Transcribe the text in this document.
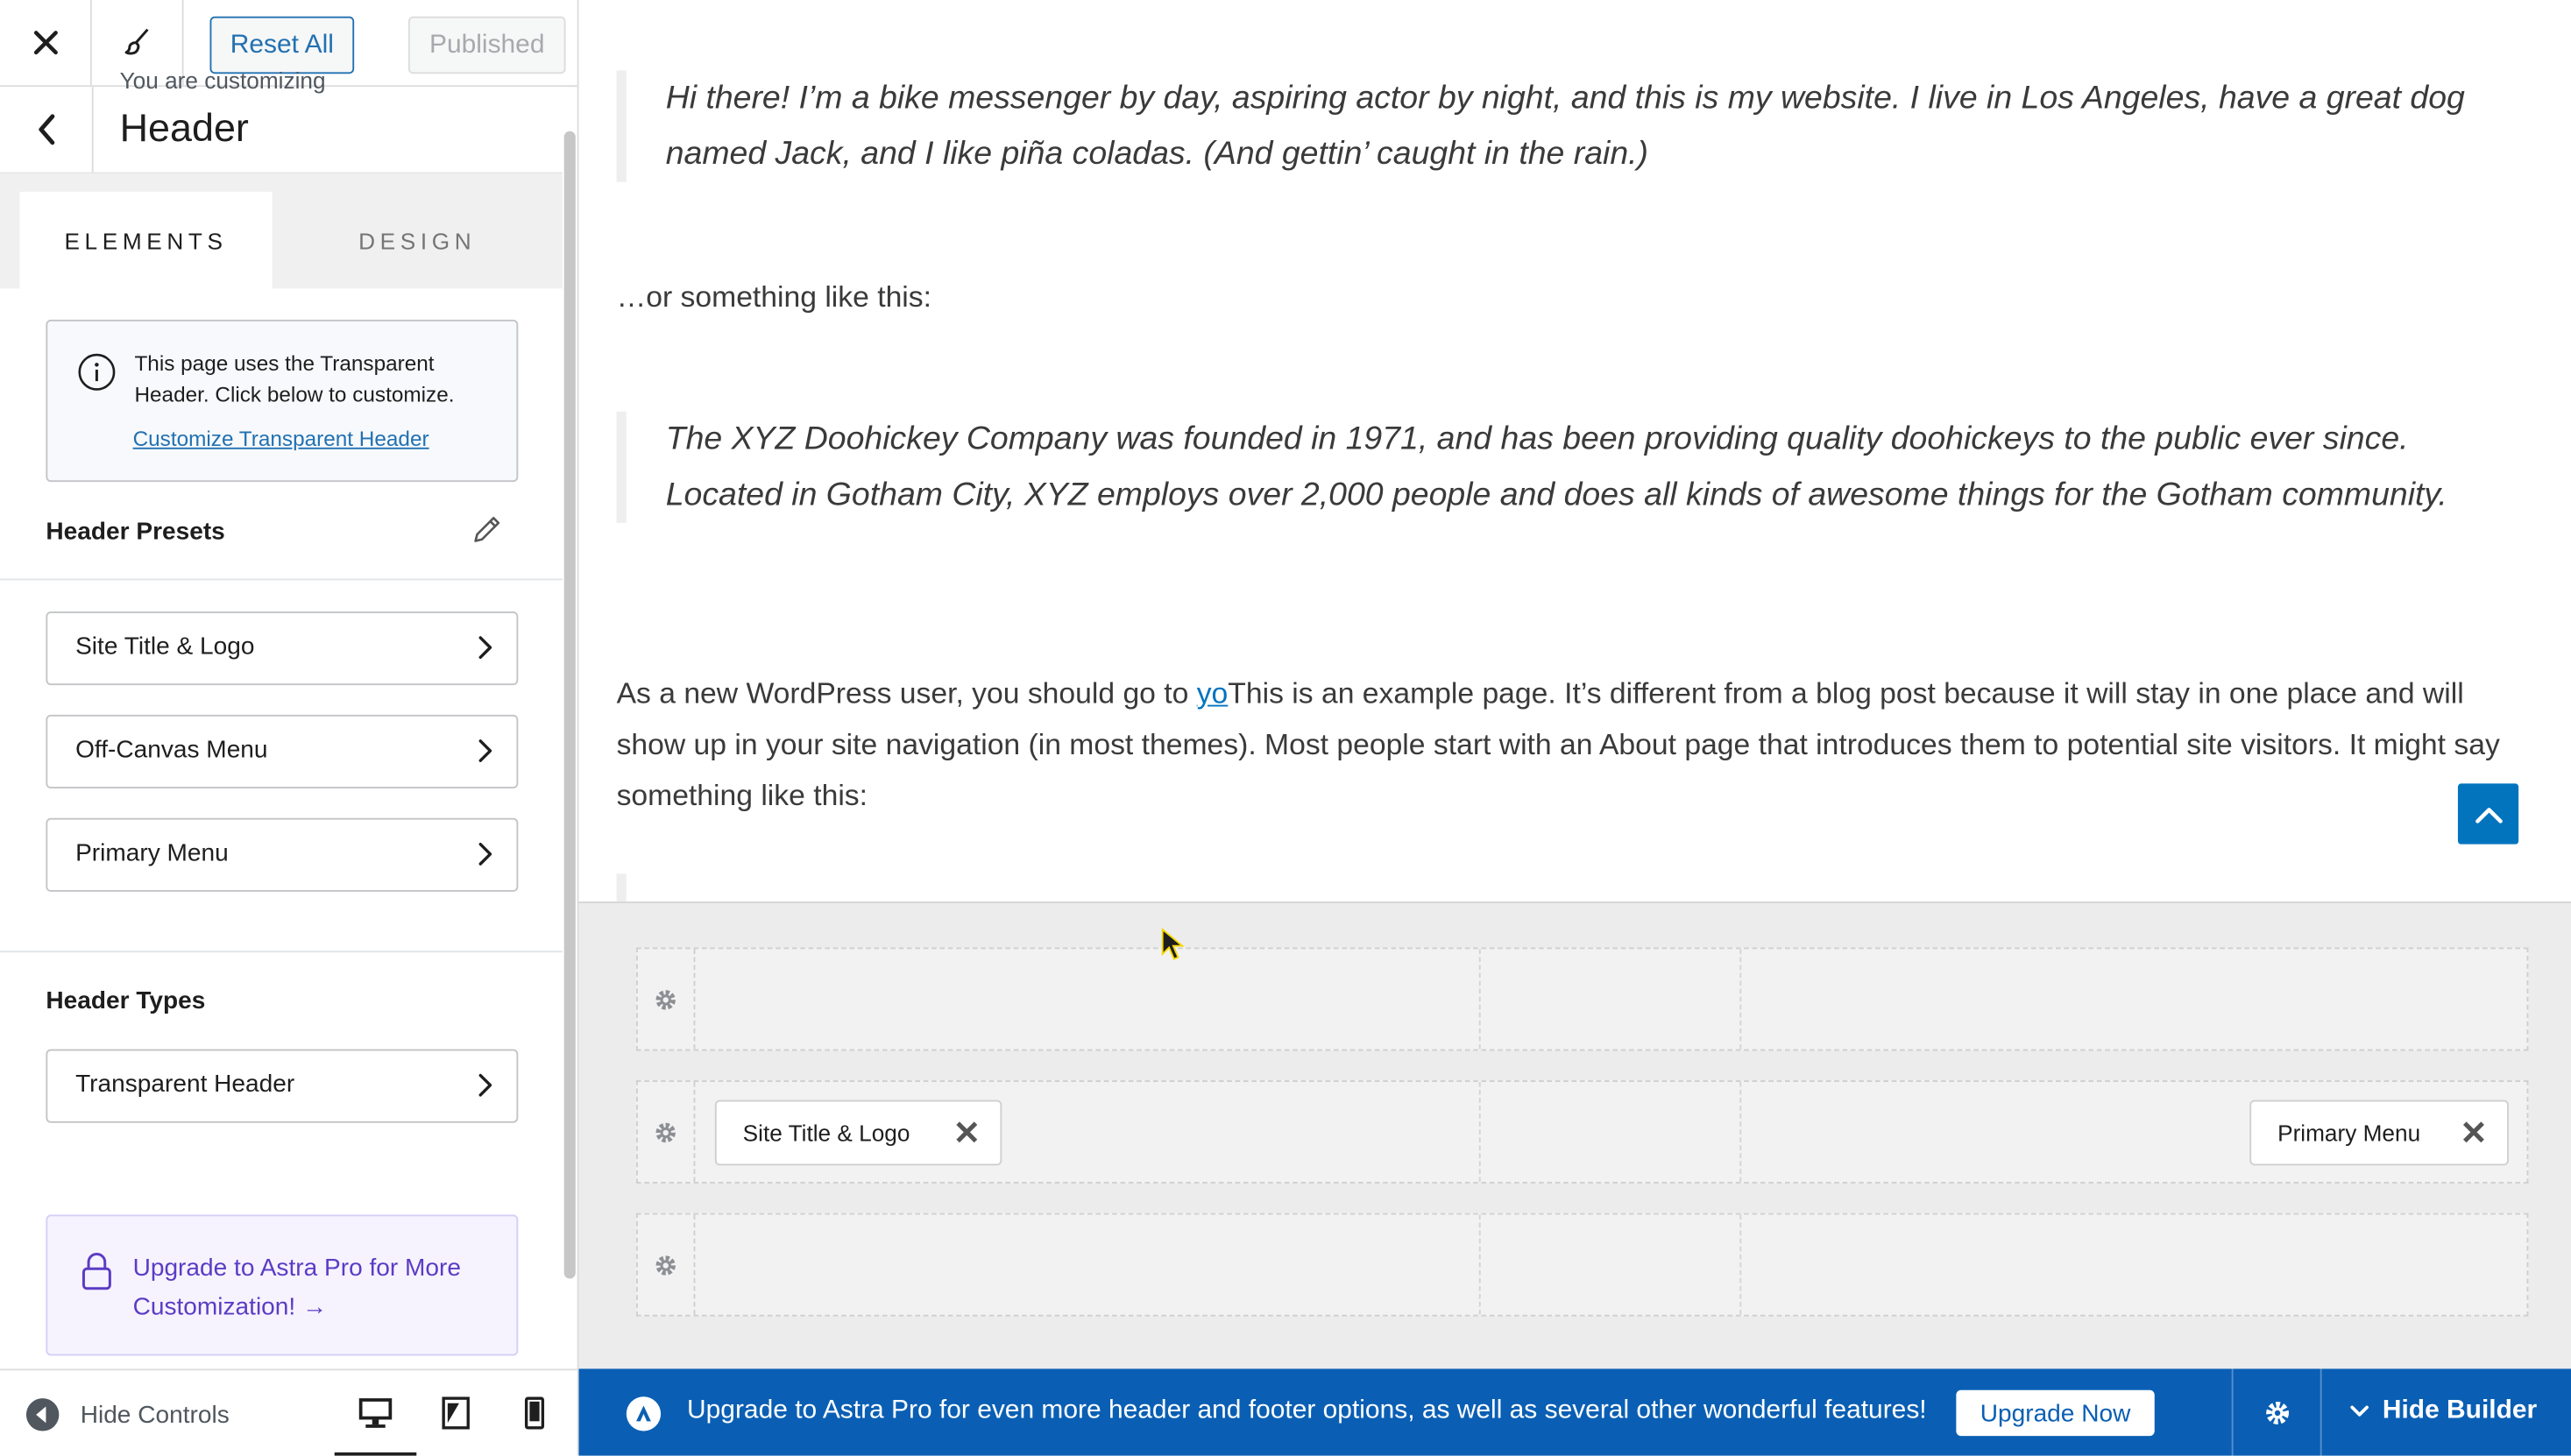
Reset All	Published
You are customizing
Header
ELEMENTS	DESIGN
This page uses the Transparent Header. Click below to customize.
Customize Transparent Header
Header Presets
Site Title & Logo
Off-Canvas Menu
Primary Menu
Header Types
Transparent Header
Upgrade to Astra Pro for More Customization! →
Hide Controls
Hi there! I’m a bike messenger by day, aspiring actor by night, and this is my website. I live in Los Angeles, have a great dog named Jack, and I like piña coladas. (And gettin’ caught in the rain.)
…or something like this:
The XYZ Doohickey Company was founded in 1971, and has been providing quality doohickeys to the public ever since. Located in Gotham City, XYZ employs over 2,000 people and does all kinds of awesome things for the Gotham community.
As a new WordPress user, you should go to yoThis is an example page. It’s different from a blog post because it will stay in one place and will show up in your site navigation (in most themes). Most people start with an About page that introduces them to potential site visitors. It might say something like this:
Site Title & Logo ✕	Primary Menu ✕
Upgrade to Astra Pro for even more header and footer options, as well as several other wonderful features!	Upgrade Now	Hide Builder
